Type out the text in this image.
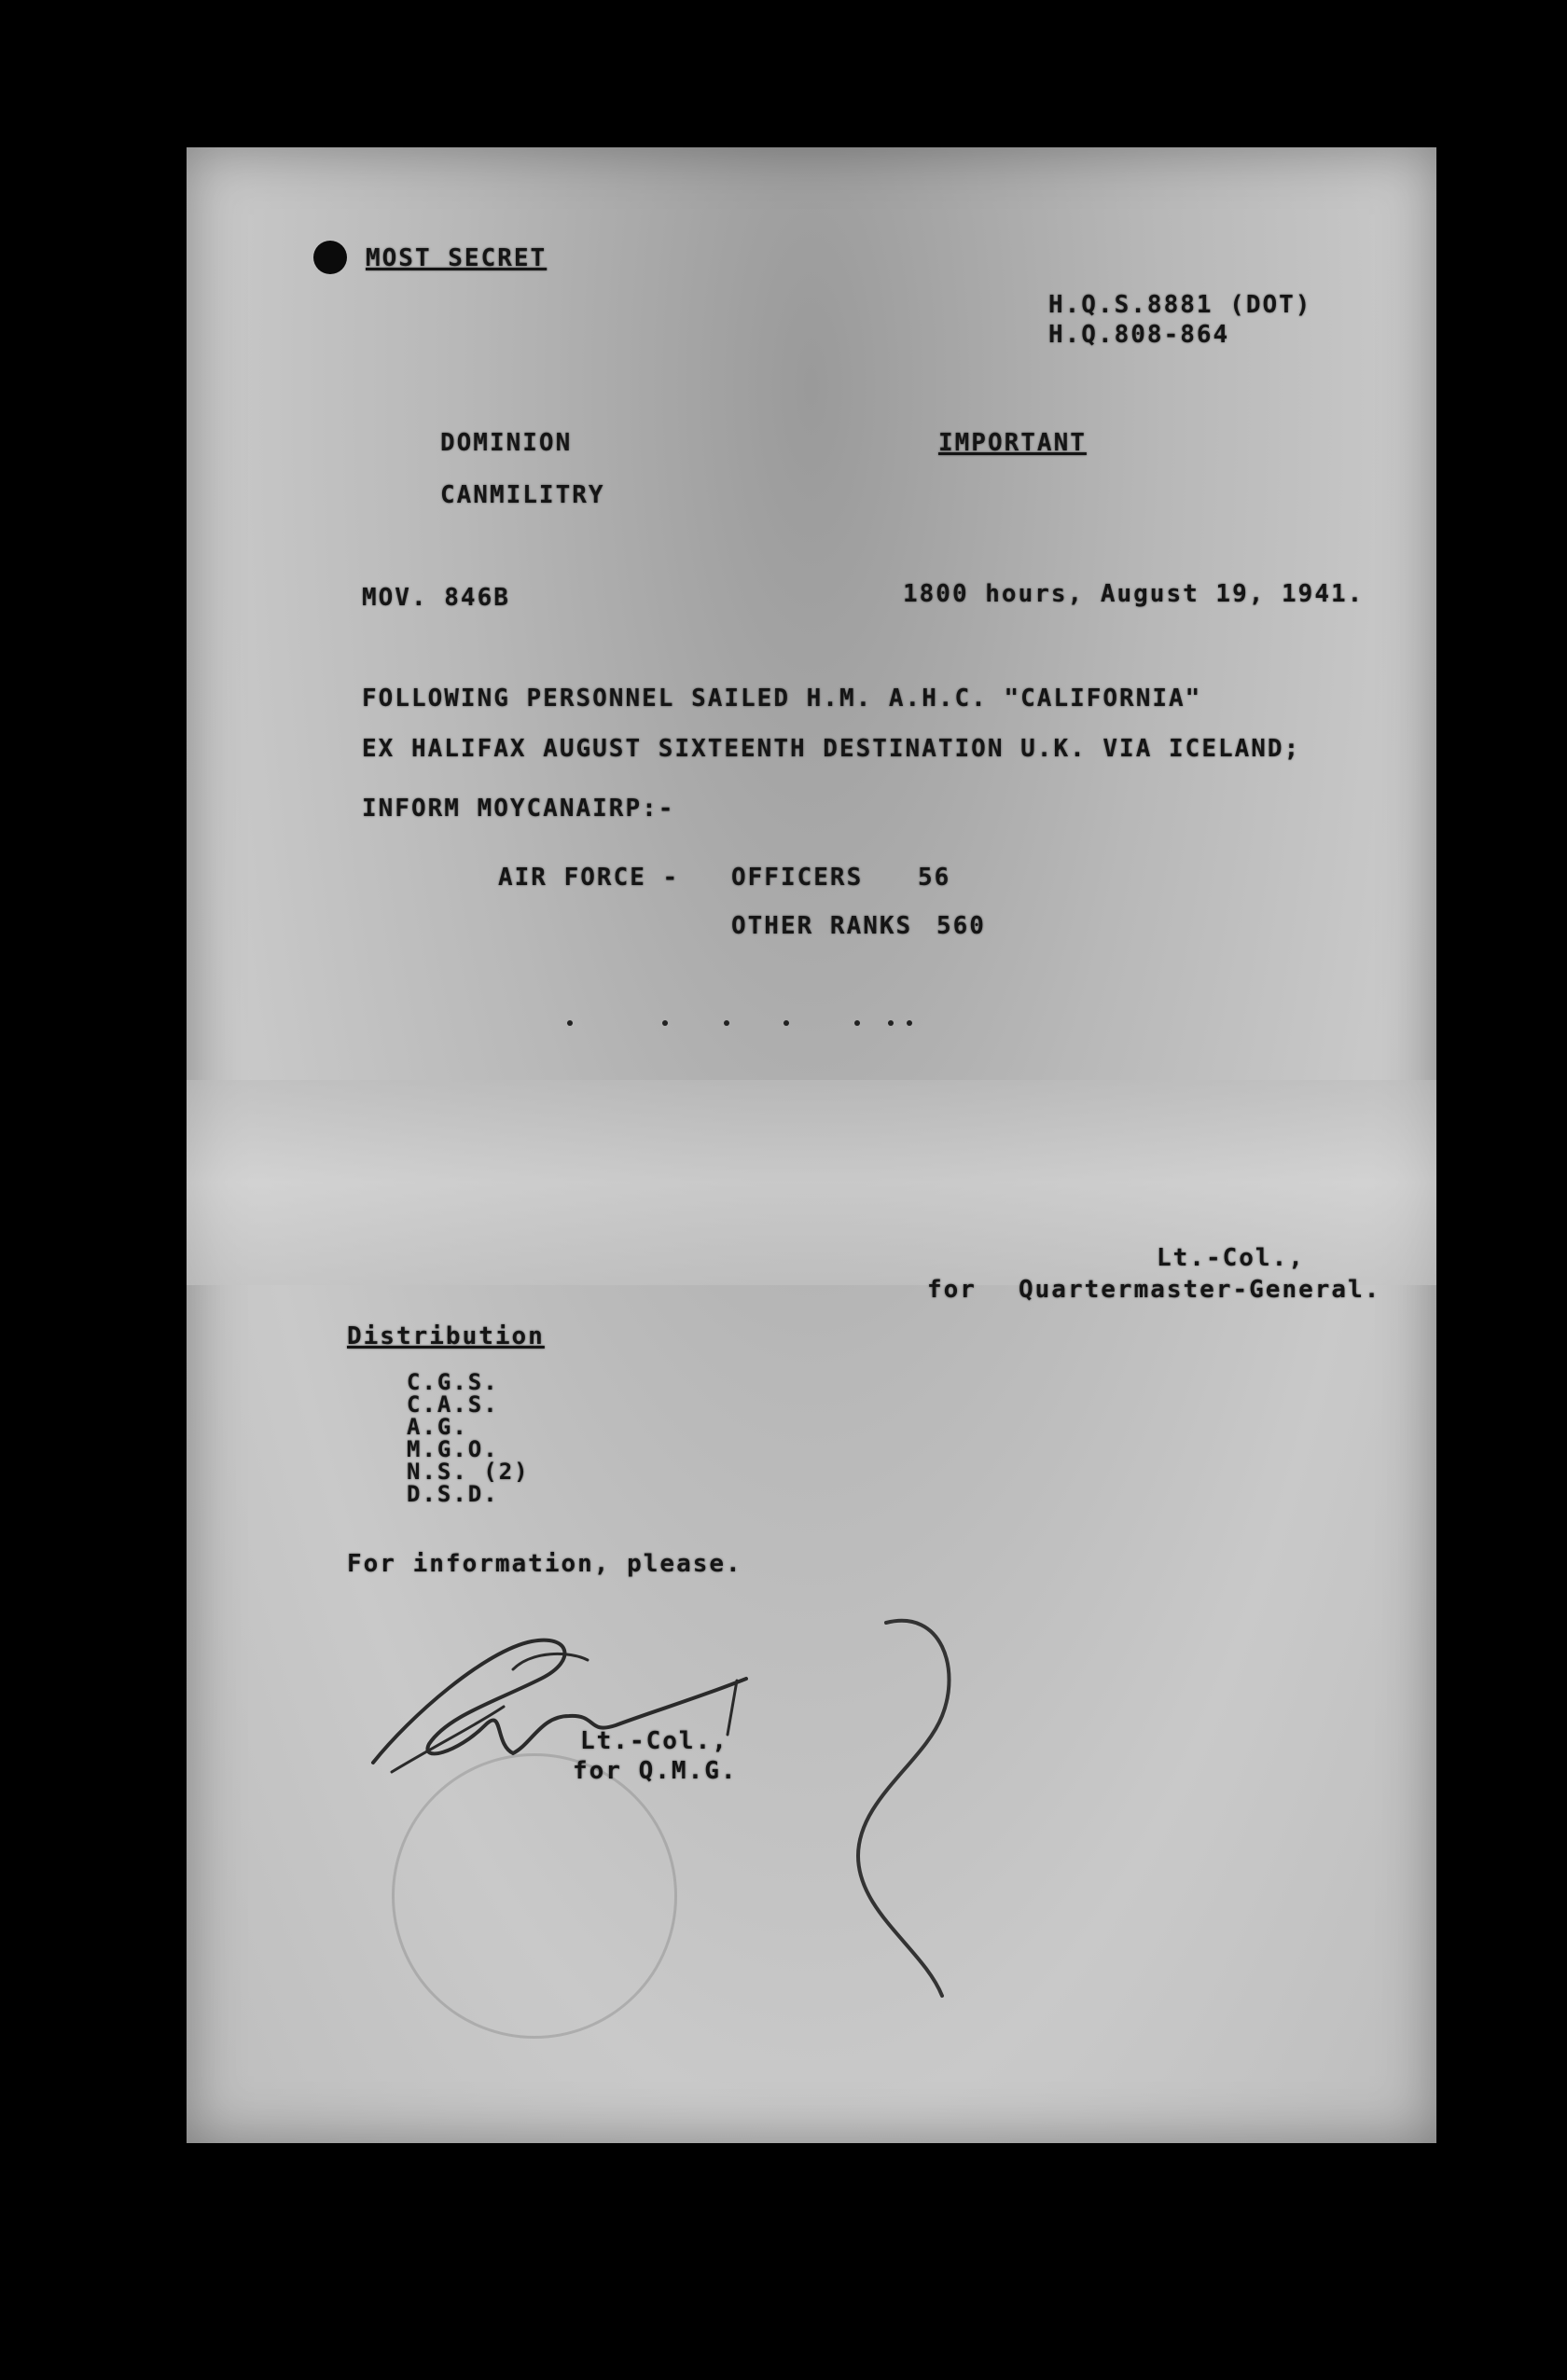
MOST SECRET
H.Q.S.8881 (DOT)
H.Q.808-864
DOMINION	IMPORTANT
CANMILITRY
MOV. 846B	1800 hours, August 19, 1941.
FOLLOWING PERSONNEL SAILED H.M. A.H.C. "CALIFORNIA"
EX HALIFAX AUGUST SIXTEENTH DESTINATION U.K. VIA ICELAND;
INFORM MOYCANAIRP:-
AIR FORCE - OFFICERS 56
OTHER RANKS 560
Lt.-Col.,
for Quartermaster-General.
Distribution
C.G.S.
C.A.S.
A.G.
M.G.O.
N.S. (2)
D.S.D.
For information, please.
Lt.-Col.,
for Q.M.G.
